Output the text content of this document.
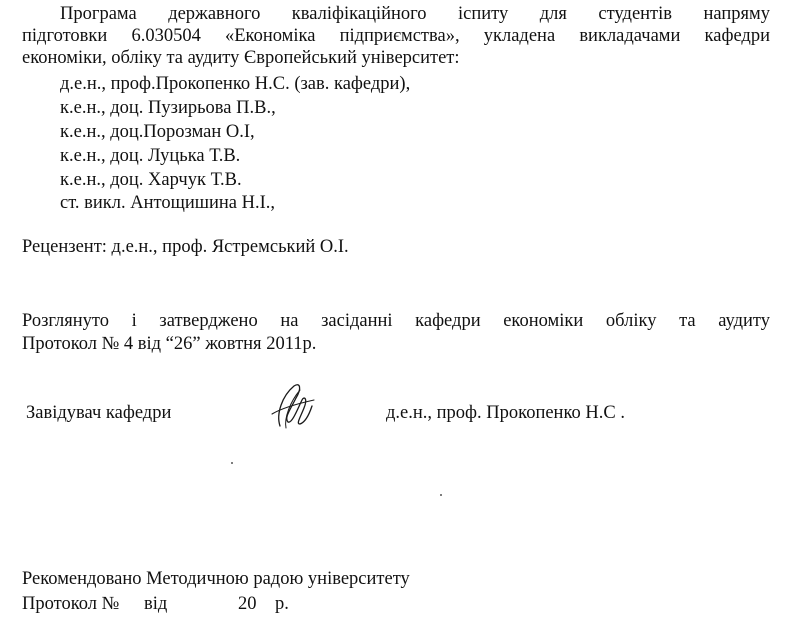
Програма державного кваліфікаційного іспиту для студентів напряму
підготовки 6.030504 «Економіка підприємства», укладена викладачами кафедри
економіки, обліку та аудиту Європейський університет:
д.е.н., проф.Прокопенко Н.С. (зав. кафедри),
к.е.н., доц. Пузирьова П.В.,
к.е.н., доц.Порозман О.І,
к.е.н., доц. Луцька Т.В.
к.е.н., доц. Харчук Т.В.
ст. викл. Антощишина Н.І.,
Рецензент: д.е.н., проф. Ястремський О.І.
Розглянуто і затверджено на засіданні кафедри економіки обліку та аудиту
Протокол № 4 від “26” жовтня 2011р.
Завідувач кафедри	д.е.н., проф. Прокопенко Н.С .
Рекомендовано Методичною радою університету
Протокол № від	20 р.
